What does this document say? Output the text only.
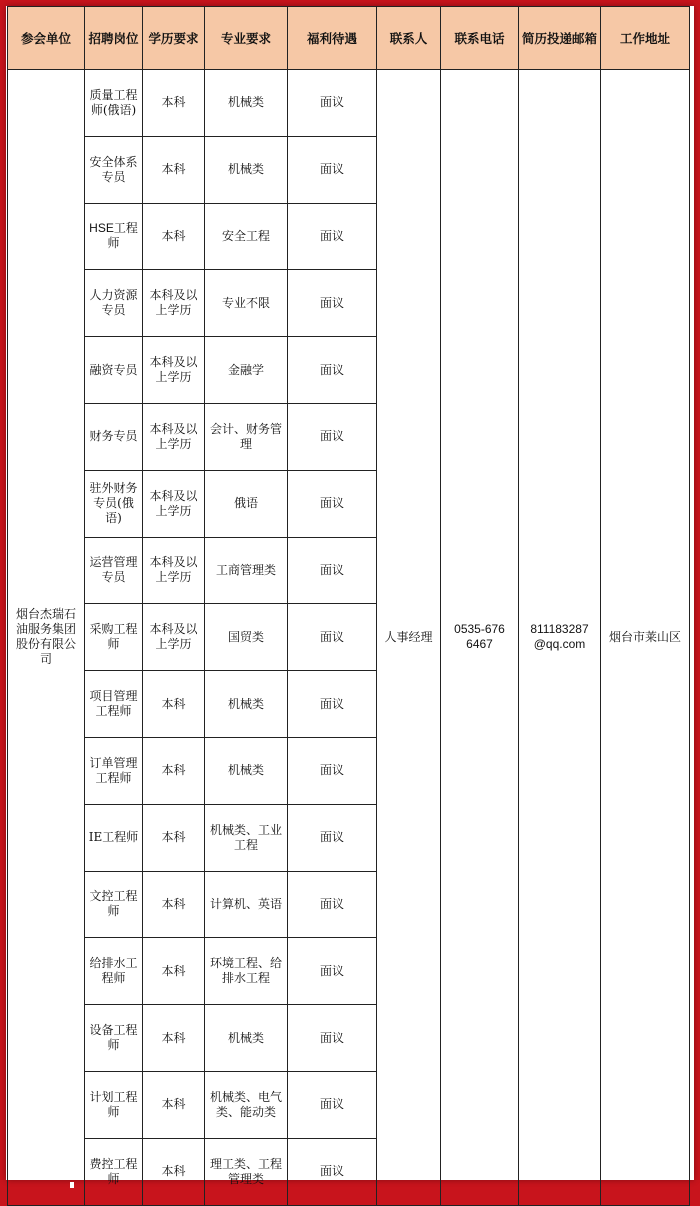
参会单位	招聘岗位	学历要求	专业要求	福利待遇	联系人	联系电话	简历投递邮箱	工作地址
烟台杰瑞石油服务集团股份有限公司	质量工程师(俄语)	本科	机械类	面议	人事经理	0535-6766467	811183287@qq.com	烟台市莱山区
	安全体系专员	本科	机械类	面议				
	HSE工程师	本科	安全工程	面议				
	人力资源专员	本科及以上学历	专业不限	面议				
	融资专员	本科及以上学历	金融学	面议				
	财务专员	本科及以上学历	会计、财务管理	面议				
	驻外财务专员(俄语)	本科及以上学历	俄语	面议				
	运营管理专员	本科及以上学历	工商管理类	面议				
	采购工程师	本科及以上学历	国贸类	面议				
	项目管理工程师	本科	机械类	面议				
	订单管理工程师	本科	机械类	面议				
	IE工程师	本科	机械类、工业工程	面议				
	文控工程师	本科	计算机、英语	面议				
	给排水工程师	本科	环境工程、给排水工程	面议				
	设备工程师	本科	机械类	面议				
	计划工程师	本科	机械类、电气类、能动类	面议				
	费控工程师	本科	理工类、工程管理类	面议				
